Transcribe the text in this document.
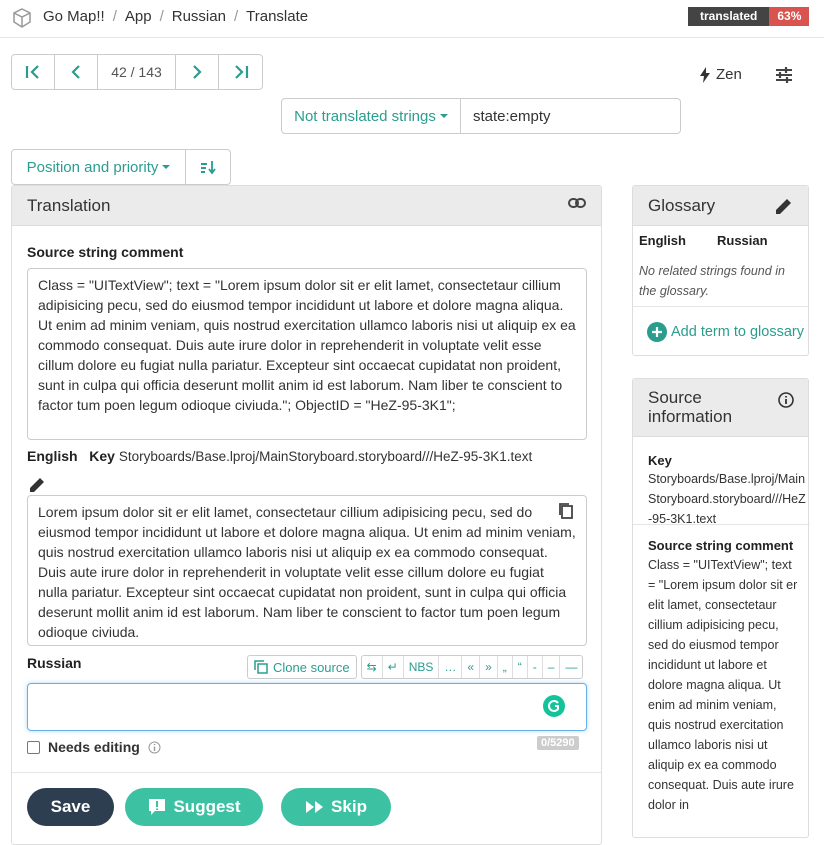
Go Map!! / App / Russian / Translate	translated	63%
42 / 143	Zen
Not translated strings	state:empty
Position and priority
Translation
Source string comment
Class = "UITextView"; text = "Lorem ipsum dolor sit er elit lamet, consectetaur cillium adipisicing pecu, sed do eiusmod tempor incididunt ut labore et dolore magna aliqua. Ut enim ad minim veniam, quis nostrud exercitation ullamco laboris nisi ut aliquip ex ea commodo consequat. Duis aute irure dolor in reprehenderit in voluptate velit esse cillum dolore eu fugiat nulla pariatur. Excepteur sint occaecat cupidatat non proident, sunt in culpa qui officia deserunt mollit anim id est laborum. Nam liber te conscient to factor tum poen legum odioque civiuda."; ObjectID = "HeZ-95-3K1";
English Key Storyboards/Base.lproj/MainStoryboard.storyboard///HeZ-95-3K1.text
Lorem ipsum dolor sit er elit lamet, consectetaur cillium adipisicing pecu, sed do eiusmod tempor incididunt ut labore et dolore magna aliqua. Ut enim ad minim veniam, quis nostrud exercitation ullamco laboris nisi ut aliquip ex ea commodo consequat. Duis aute irure dolor in reprehenderit in voluptate velit esse cillum dolore eu fugiat nulla pariatur. Excepteur sint occaecat cupidatat non proident, sunt in culpa qui officia deserunt mollit anim id est laborum. Nam liber te conscient to factor tum poen legum odioque civiuda.
Russian	Clone source	⇆ ↵ NBS … « » „ “ - – —
0/5290
Needs editing
Save	Suggest	Skip
Glossary
English Russian
No related strings found in the glossary.
Add term to glossary
Source information
Key
Storyboards/Base.lproj/MainStoryboard.storyboard///HeZ-95-3K1.text
Source string comment
Class = "UITextView"; text = "Lorem ipsum dolor sit er elit lamet, consectetaur cillium adipisicing pecu, sed do eiusmod tempor incididunt ut labore et dolore magna aliqua. Ut enim ad minim veniam, quis nostrud exercitation ullamco laboris nisi ut aliquip ex ea commodo consequat. Duis aute irure dolor in
